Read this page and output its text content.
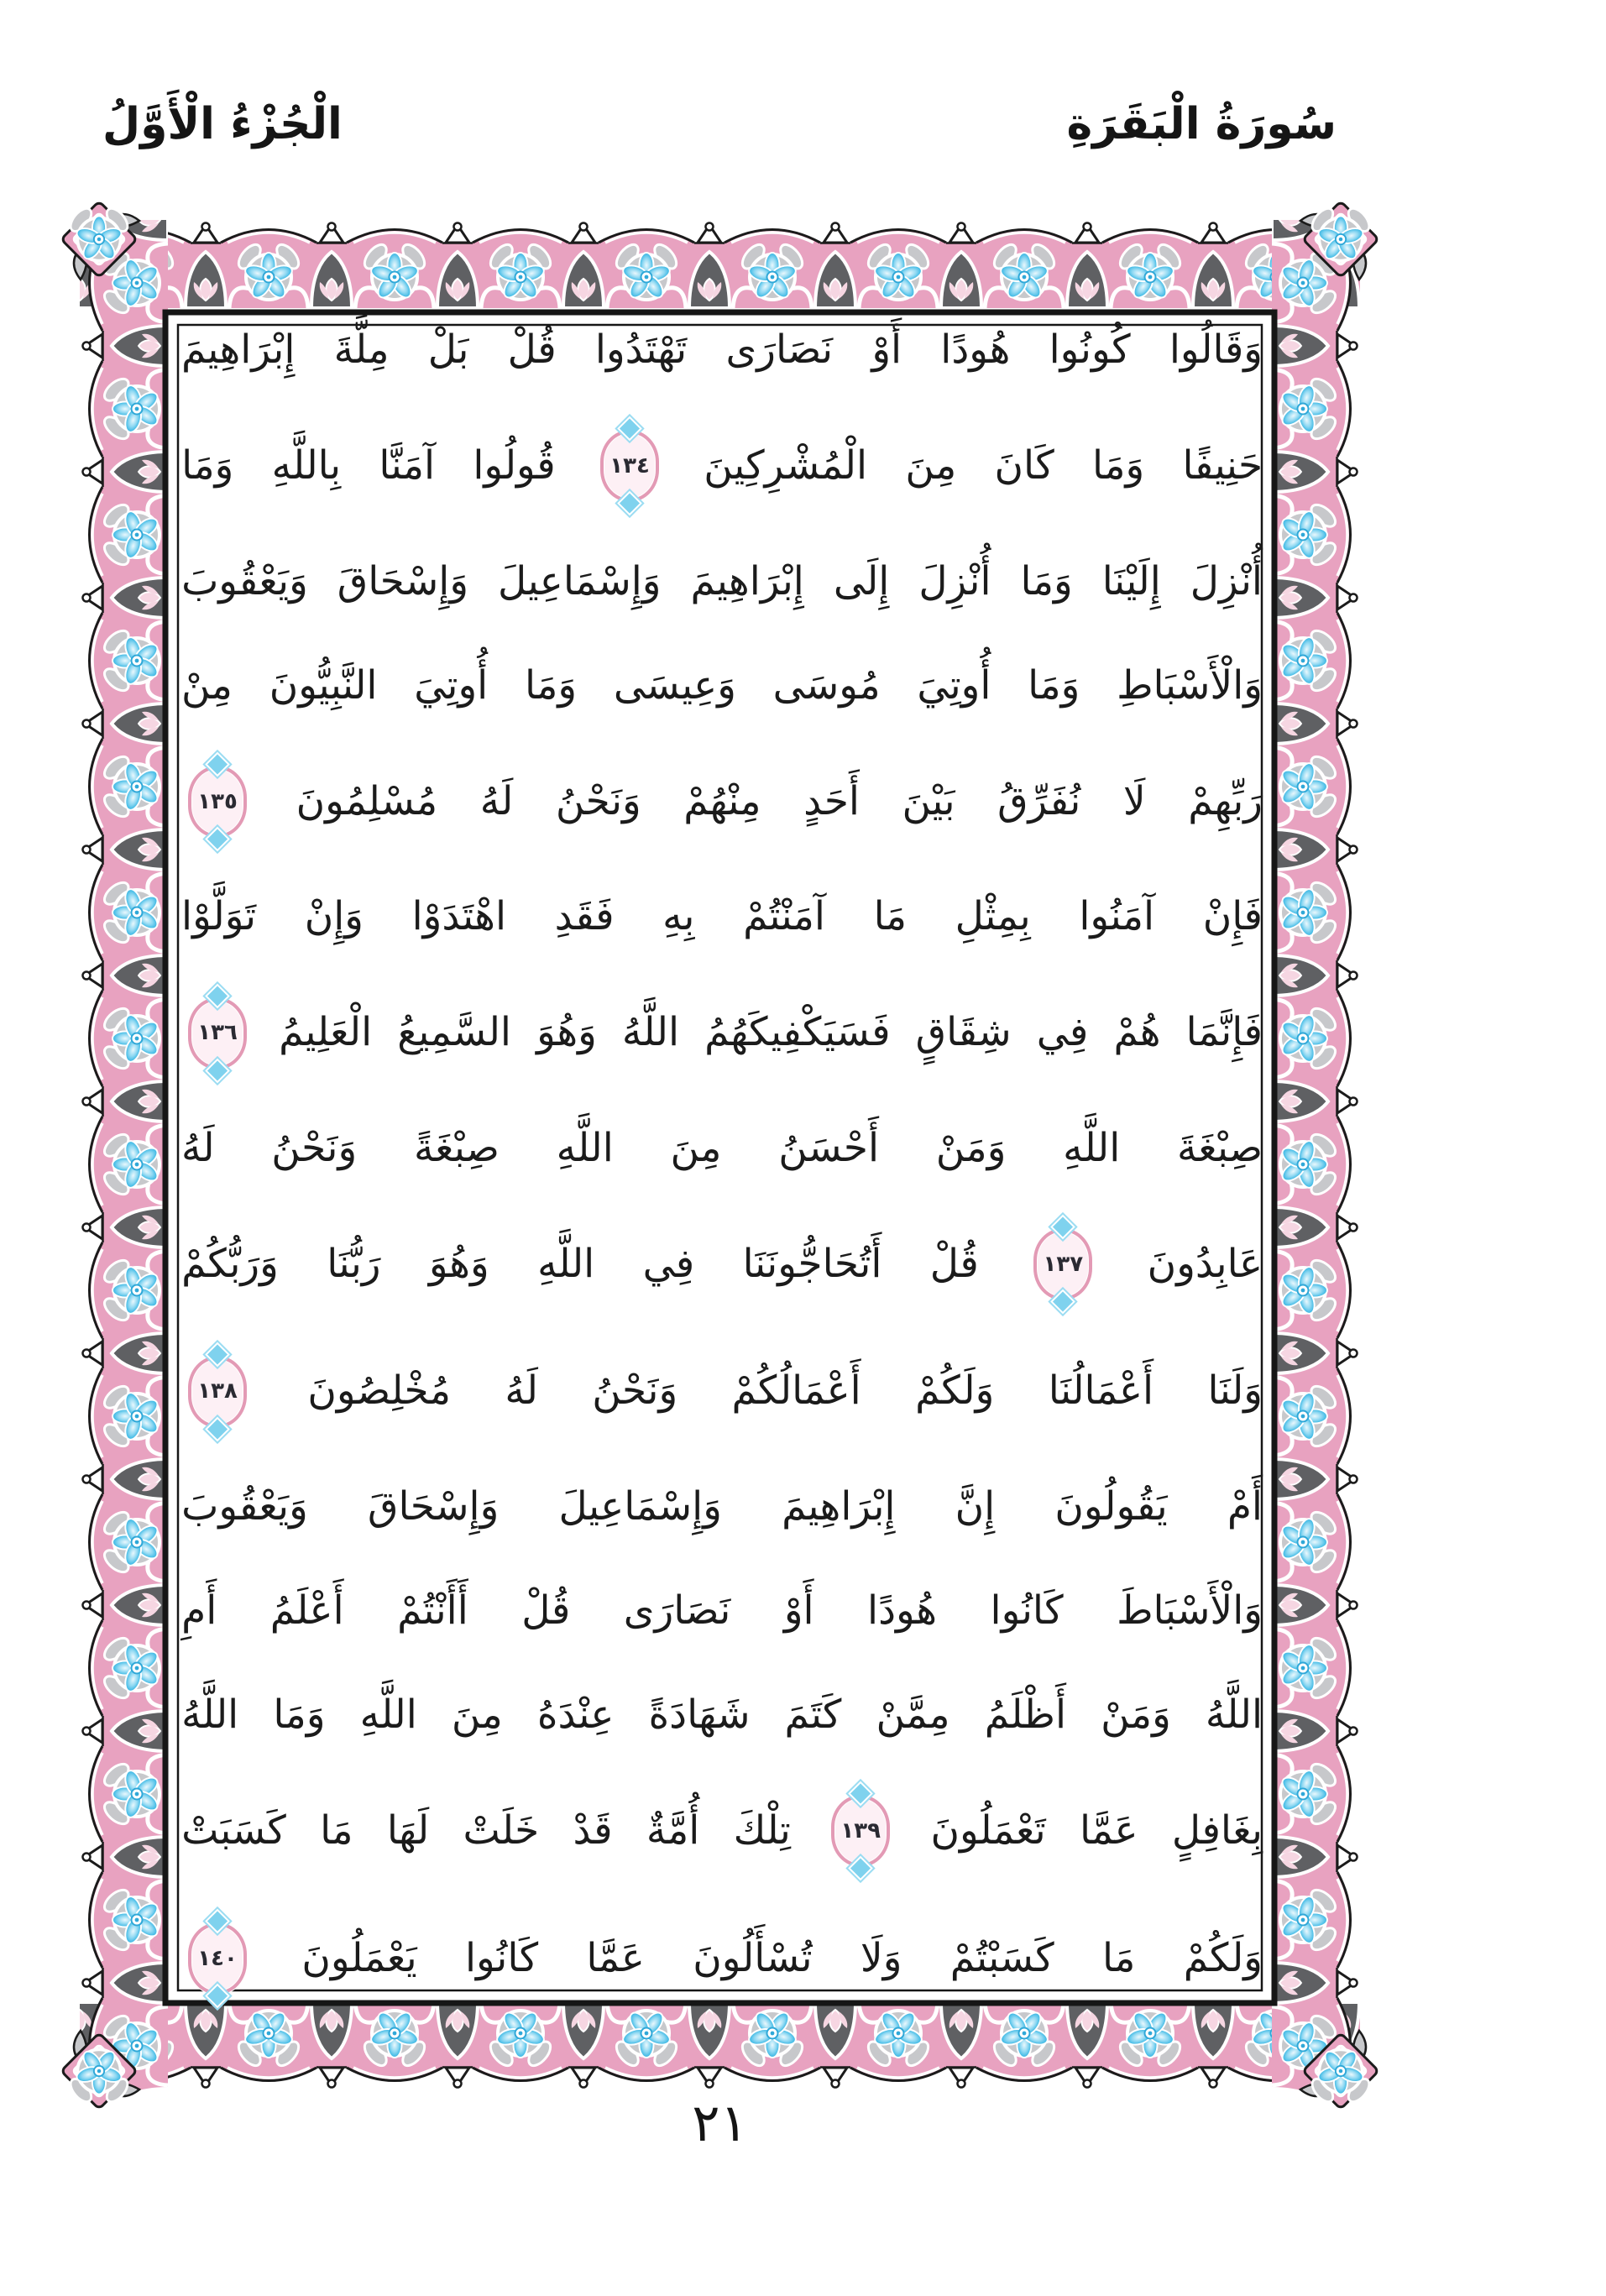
الْجُزْءُ الْأَوَّلُ	سُورَةُ الْبَقَرَةِ
وَقَالُوا
كُونُوا
هُودًا
أَوْ
نَصَارَى
تَهْتَدُوا
قُلْ
بَلْ
مِلَّةَ
إِبْرَاهِيمَ
حَنِيفًا
وَمَا
كَانَ
مِنَ
الْمُشْرِكِينَ
١٣٤
قُولُوا
آمَنَّا
بِاللَّهِ
وَمَا
أُنْزِلَ
إِلَيْنَا
وَمَا
أُنْزِلَ
إِلَى
إِبْرَاهِيمَ
وَإِسْمَاعِيلَ
وَإِسْحَاقَ
وَيَعْقُوبَ
وَالْأَسْبَاطِ
وَمَا
أُوتِيَ
مُوسَى
وَعِيسَى
وَمَا
أُوتِيَ
النَّبِيُّونَ
مِنْ
رَبِّهِمْ
لَا
نُفَرِّقُ
بَيْنَ
أَحَدٍ
مِنْهُمْ
وَنَحْنُ
لَهُ
مُسْلِمُونَ
١٣٥
فَإِنْ
آمَنُوا
بِمِثْلِ
مَا
آمَنْتُمْ
بِهِ
فَقَدِ
اهْتَدَوْا
وَإِنْ
تَوَلَّوْا
فَإِنَّمَا
هُمْ
فِي
شِقَاقٍ
فَسَيَكْفِيكَهُمُ
اللَّهُ
وَهُوَ
السَّمِيعُ
الْعَلِيمُ
١٣٦
صِبْغَةَ
اللَّهِ
وَمَنْ
أَحْسَنُ
مِنَ
اللَّهِ
صِبْغَةً
وَنَحْنُ
لَهُ
عَابِدُونَ
١٣٧
قُلْ
أَتُحَاجُّونَنَا
فِي
اللَّهِ
وَهُوَ
رَبُّنَا
وَرَبُّكُمْ
وَلَنَا
أَعْمَالُنَا
وَلَكُمْ
أَعْمَالُكُمْ
وَنَحْنُ
لَهُ
مُخْلِصُونَ
١٣٨
أَمْ
يَقُولُونَ
إِنَّ
إِبْرَاهِيمَ
وَإِسْمَاعِيلَ
وَإِسْحَاقَ
وَيَعْقُوبَ
وَالْأَسْبَاطَ
كَانُوا
هُودًا
أَوْ
نَصَارَى
قُلْ
أَأَنْتُمْ
أَعْلَمُ
أَمِ
اللَّهُ
وَمَنْ
أَظْلَمُ
مِمَّنْ
كَتَمَ
شَهَادَةً
عِنْدَهُ
مِنَ
اللَّهِ
وَمَا
اللَّهُ
بِغَافِلٍ
عَمَّا
تَعْمَلُونَ
١٣٩
تِلْكَ
أُمَّةٌ
قَدْ
خَلَتْ
لَهَا
مَا
كَسَبَتْ
وَلَكُمْ
مَا
كَسَبْتُمْ
وَلَا
تُسْأَلُونَ
عَمَّا
كَانُوا
يَعْمَلُونَ
١٤٠
٢١
